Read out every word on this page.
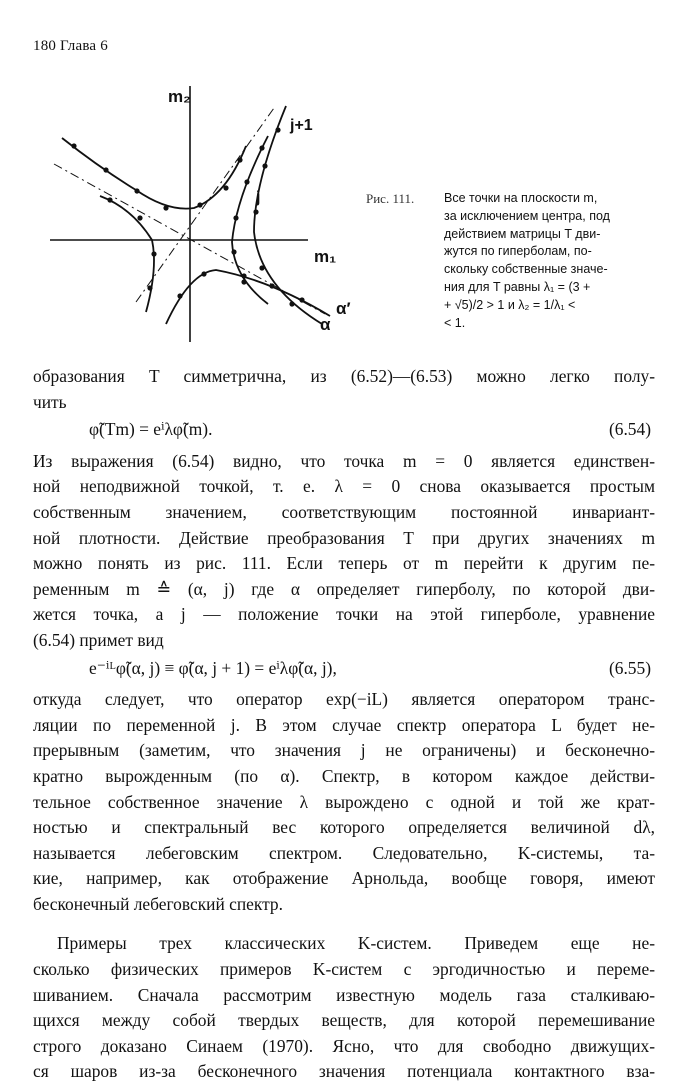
180 Глава 6
m₂
m₁
j
j+1
α
α′
Рис. 111.	Все точки на плоскости m,
за исключением центра, под
действием матрицы T дви-
жутся по гиперболам, по-
скольку собственные значе-
ния для T равны λ₁ = (3 +
+ √5)/2 > 1 и λ₂ = 1/λ₁ <
< 1.
образования T симметрична, из (6.52)—(6.53) можно легко полу-
чить
φ̃(Tm) = eⁱλφ̃(m).	(6.54)
Из выражения (6.54) видно, что точка m = 0 является единствен-
ной неподвижной точкой, т. е. λ = 0 снова оказывается простым
собственным значением, соответствующим постоянной инвариант-
ной плотности. Действие преобразования T при других значениях m
можно понять из рис. 111. Если теперь от m перейти к другим пе-
ременным m ≙ (α, j) где α определяет гиперболу, по которой дви-
жется точка, а j — положение точки на этой гиперболе, уравнение
(6.54) примет вид
e⁻ⁱᴸφ̃(α, j) ≡ φ̃(α, j + 1) = eⁱλφ̃(α, j),	(6.55)
откуда следует, что оператор exp(−iL) является оператором транс-
ляции по переменной j. В этом случае спектр оператора L будет не-
прерывным (заметим, что значения j не ограничены) и бесконечно-
кратно вырожденным (по α). Спектр, в котором каждое действи-
тельное собственное значение λ вырождено с одной и той же крат-
ностью и спектральный вес которого определяется величиной dλ,
называется лебеговским спектром. Следовательно, K-системы, та-
кие, например, как отображение Арнольда, вообще говоря, имеют
бесконечный лебеговский спектр.
Примеры трех классических K-систем. Приведем еще не-
сколько физических примеров K-систем с эргодичностью и переме-
шиванием. Сначала рассмотрим известную модель газа сталкиваю-
щихся между собой твердых веществ, для которой перемешивание
строго доказано Синаем (1970). Ясно, что для свободно движущих-
ся шаров из-за бесконечного значения потенциала контактного вза-
